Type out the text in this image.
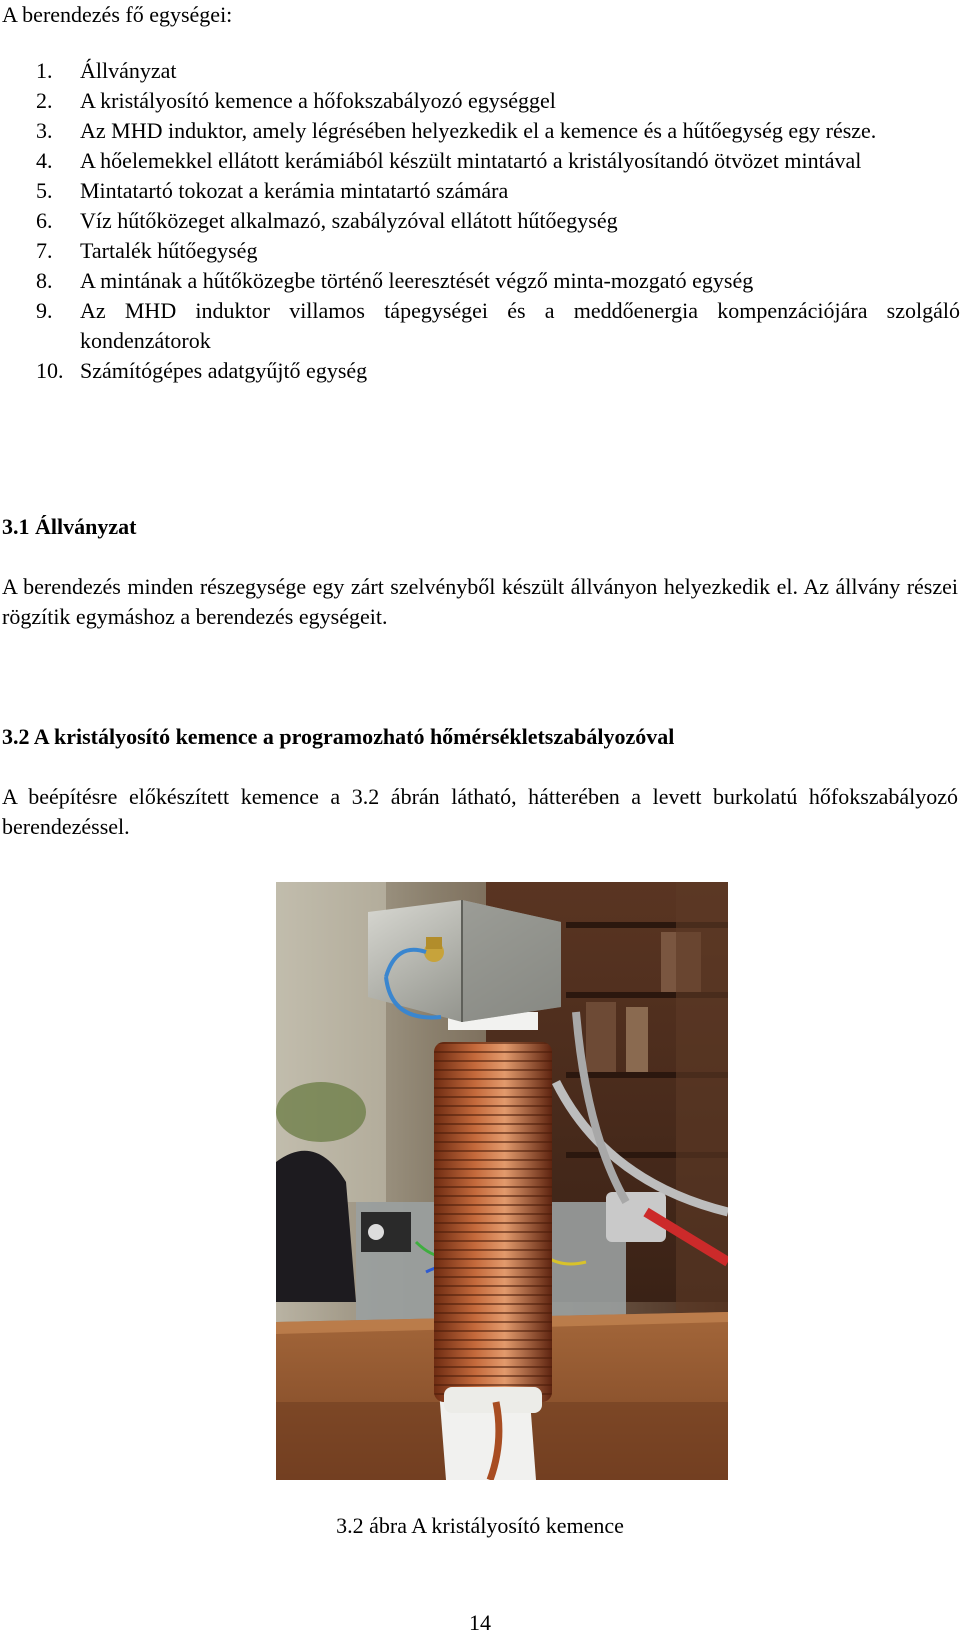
A berendezés fő egységei:

1.	Állványzat
2.	A kristályosító kemence a hőfokszabályozó egységgel
3.	Az MHD induktor, amely légrésében helyezkedik el a kemence és a hűtőegység egy része.
4.	A hőelemekkel ellátott kerámiából készült mintatartó a kristályosítandó ötvözet mintával
5.	Mintatartó tokozat a kerámia mintatartó számára
6.	Víz hűtőközeget alkalmazó, szabályzóval ellátott hűtőegység
7.	Tartalék hűtőegység
8.	A mintának a hűtőközegbe történő leeresztését végző minta-mozgató egység
9.	Az MHD induktor villamos tápegységei és a meddőenergia kompenzációjára szolgáló kondenzátorok
10. Számítógépes adatgyűjtő egység
3.1 Állványzat

A berendezés minden részegysége egy zárt szelvényből készült állványon helyezkedik el. Az állvány részei rögzítik egymáshoz a berendezés egységeit.

3.2 A kristályosító kemence a programozható hőmérsékletszabályozóval

A beépítésre előkészített kemence a 3.2 ábrán látható, hátterében a levett burkolatú hőfokszabályozó berendezéssel.

3.2 ábra A kristályosító kemence

14
